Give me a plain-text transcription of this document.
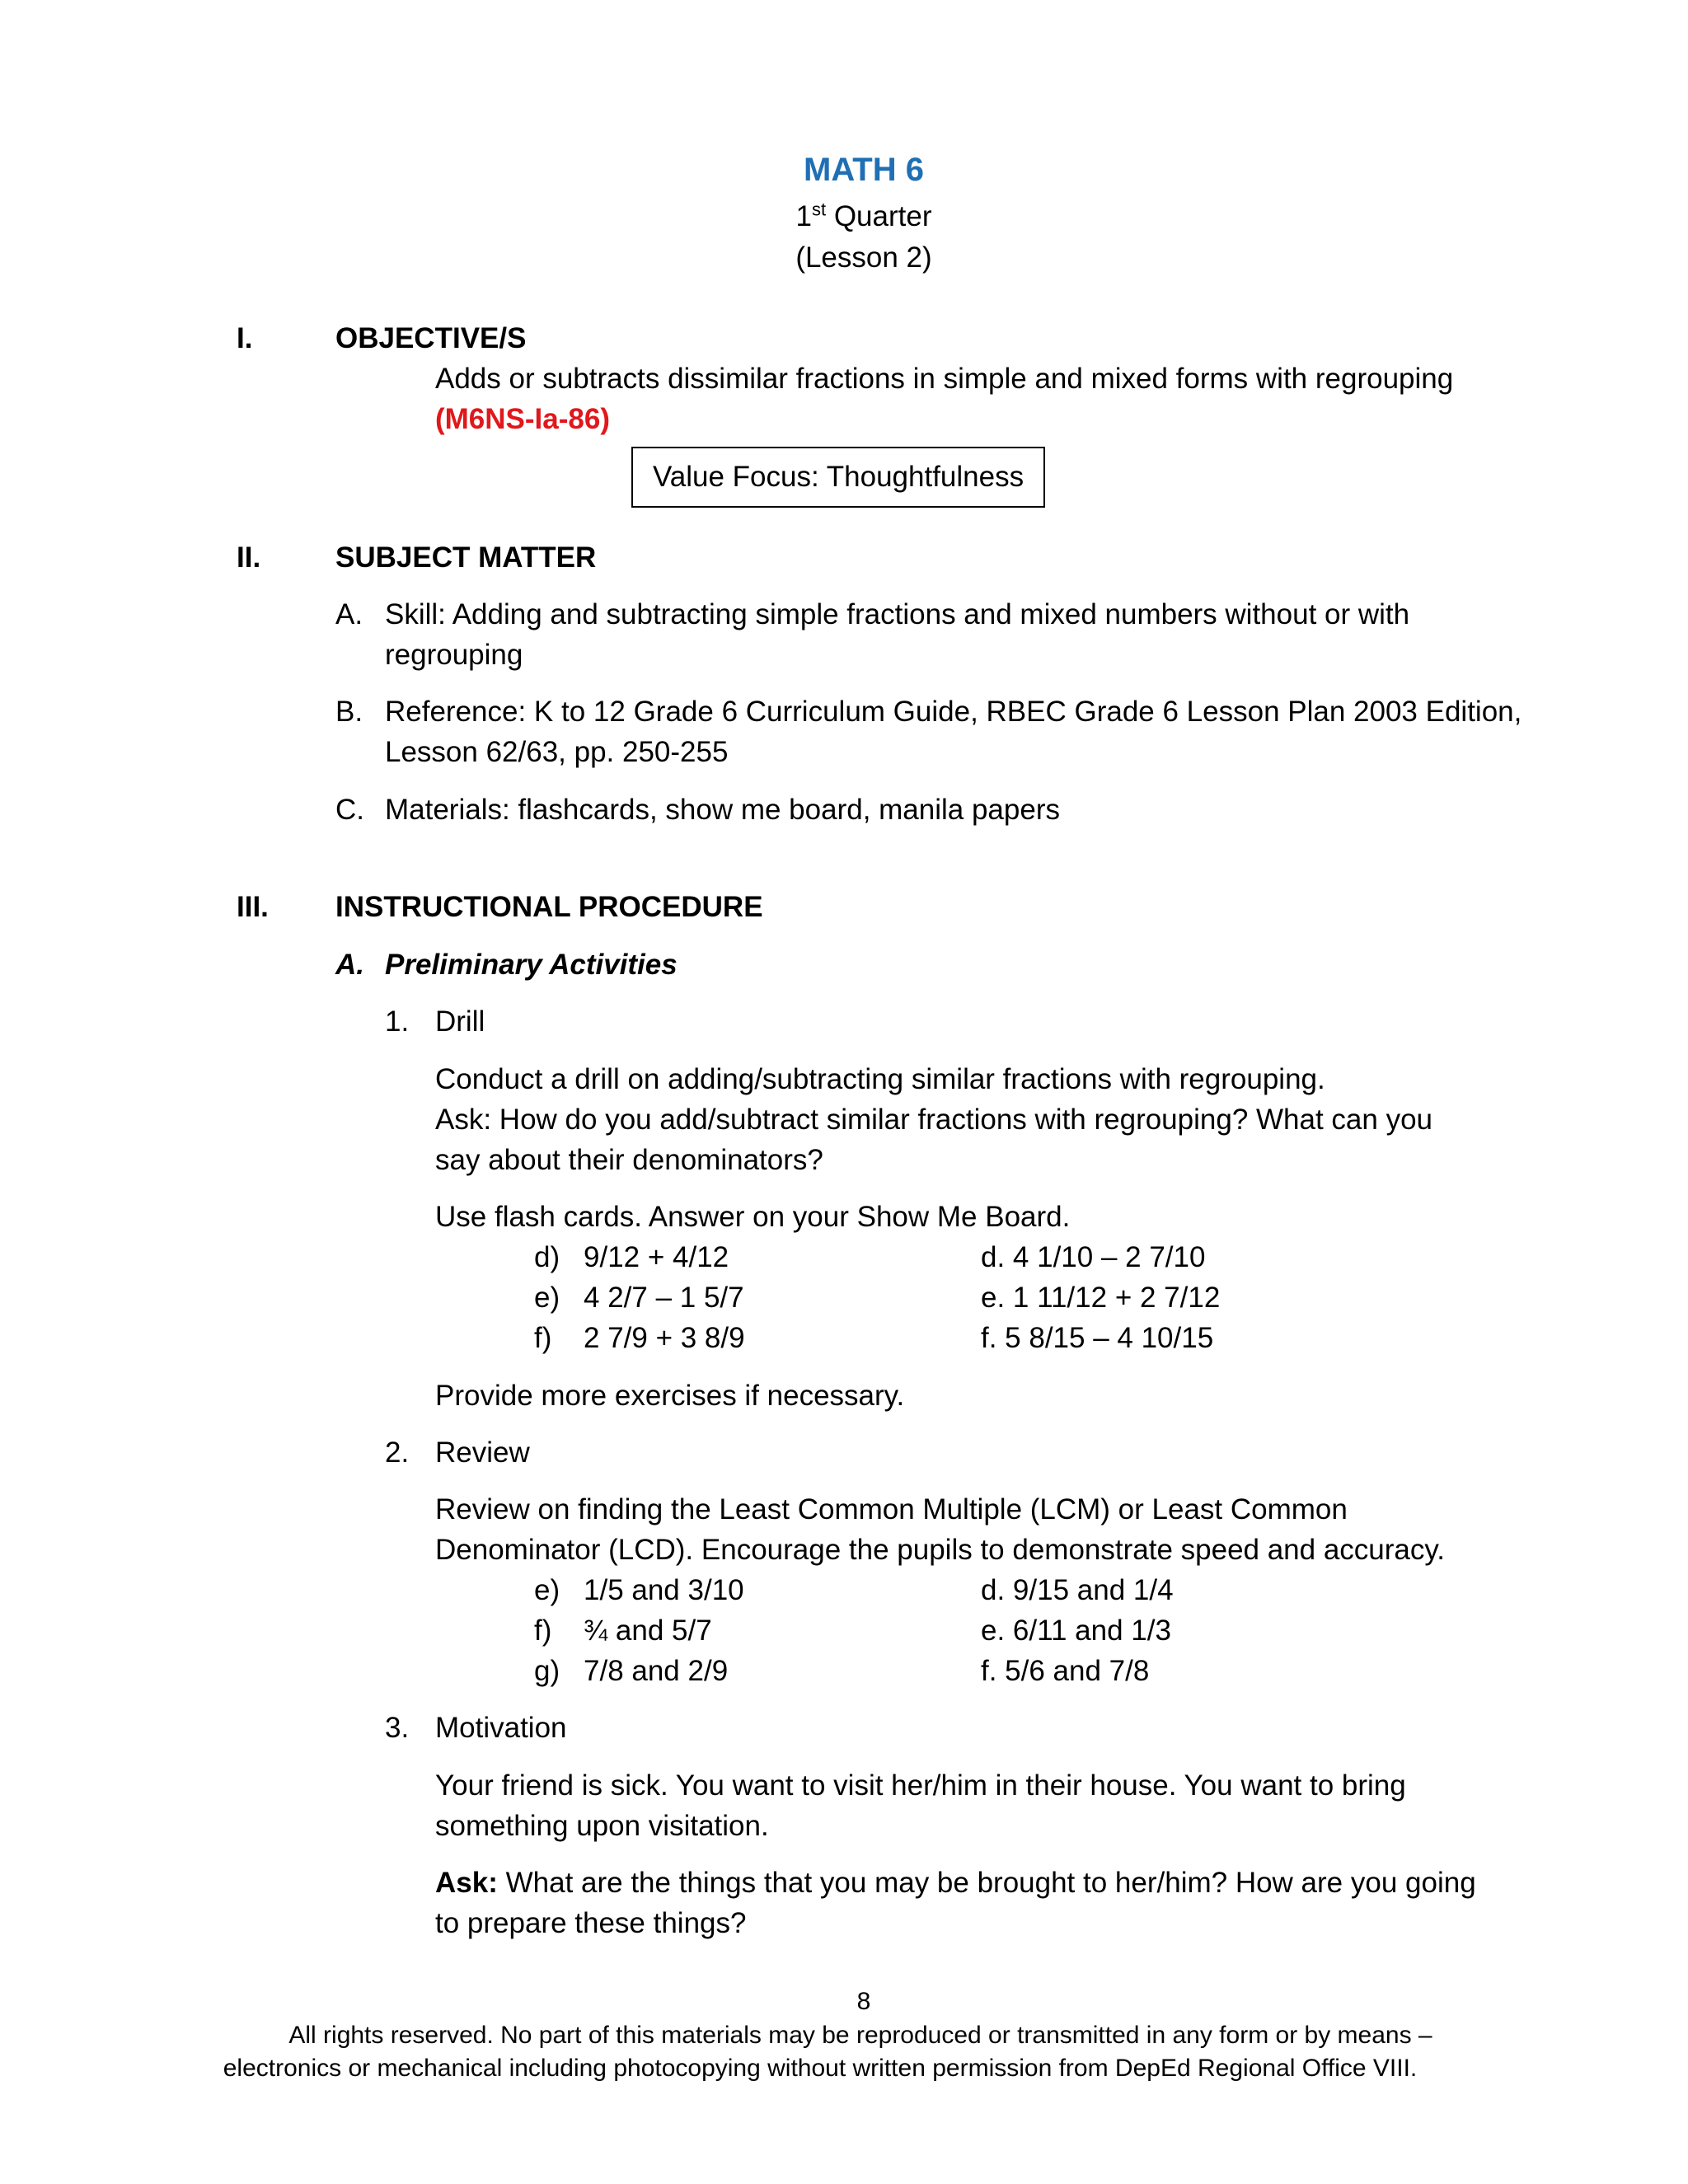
MATH 6
1st Quarter
(Lesson 2)
I.	OBJECTIVE/S
Adds or subtracts dissimilar fractions in simple and mixed forms with regrouping
(M6NS-Ia-86)
Value Focus: Thoughtfulness
II.	SUBJECT MATTER
A. Skill: Adding and subtracting simple fractions and mixed numbers without or with
regrouping
B. Reference: K to 12 Grade 6 Curriculum Guide, RBEC Grade 6 Lesson Plan 2003 Edition,
Lesson 62/63, pp. 250-255
C. Materials: flashcards, show me board, manila papers
III. INSTRUCTIONAL PROCEDURE
A. Preliminary Activities
1. Drill
Conduct a drill on adding/subtracting similar fractions with regrouping.
Ask: How do you add/subtract similar fractions with regrouping? What can you
say about their denominators?
Use flash cards. Answer on your Show Me Board.
d) 9/12 + 4/12	d. 4 1/10 – 2 7/10
e) 4 2/7 – 1 5/7	e. 1 11/12 + 2 7/12
f) 2 7/9 + 3 8/9	f. 5 8/15 – 4 10/15
Provide more exercises if necessary.
2. Review
Review on finding the Least Common Multiple (LCM) or Least Common
Denominator (LCD). Encourage the pupils to demonstrate speed and accuracy.
e) 1/5 and 3/10	d. 9/15 and 1/4
f) ¾ and 5/7	e. 6/11 and 1/3
g) 7/8 and 2/9	f. 5/6 and 7/8
3. Motivation
Your friend is sick. You want to visit her/him in their house. You want to bring
something upon visitation.
Ask: What are the things that you may be brought to her/him? How are you going
to prepare these things?
8
All rights reserved. No part of this materials may be reproduced or transmitted in any form or by means –
electronics or mechanical including photocopying without written permission from DepEd Regional Office VIII.
